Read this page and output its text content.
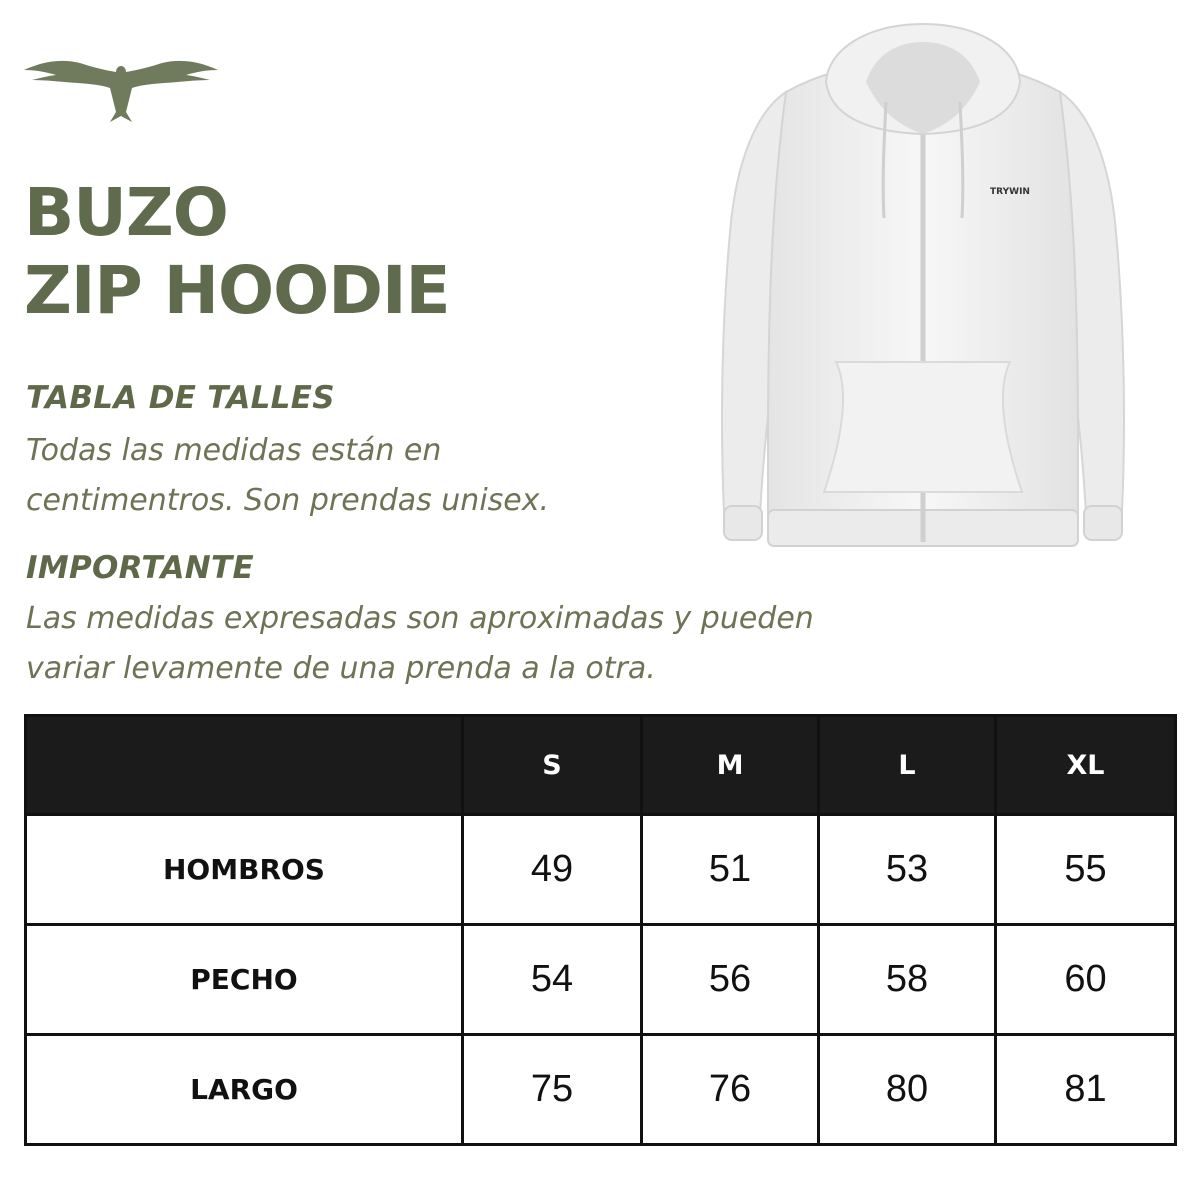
BUZO
ZIP HOODIE

TABLA DE TALLES

Todas las medidas están en
centimentros. Son prendas unisex.

IMPORTANTE

Las medidas expresadas son aproximadas y pueden
variar levamente de una prenda a la otra.

TRYWIN
	S	M	L	XL
HOMBROS	49	51	53	55
PECHO	54	56	58	60
LARGO	75	76	80	81
